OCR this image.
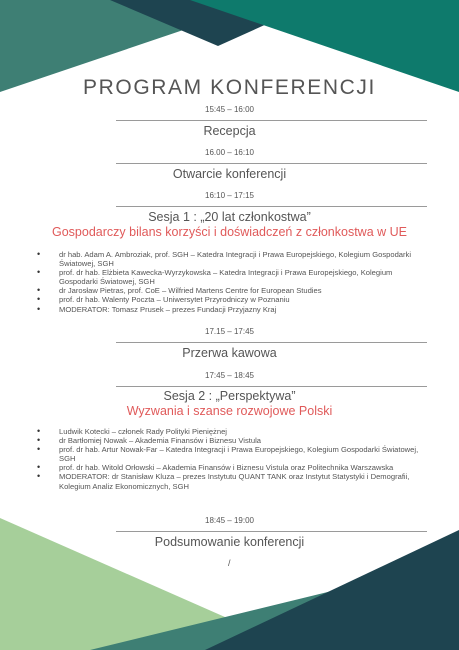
PROGRAM KONFERENCJI
15:45 – 16:00
Recepcja
16.00 – 16:10
Otwarcie konferencji
16:10 – 17:15
Sesja 1 : „20 lat członkostwa”
Gospodarczy bilans korzyści i doświadczeń z członkostwa w UE
• dr hab. Adam A. Ambroziak, prof. SGH – Katedra Integracji i Prawa Europejskiego, Kolegium Gospodarki Światowej, SGH
• prof. dr hab. Elżbieta Kawecka-Wyrzykowska – Katedra Integracji i Prawa Europejskiego, Kolegium Gospodarki Światowej, SGH
• dr Jarosław Pietras, prof. CoE – Wilfried Martens Centre for European Studies
• prof. dr hab. Walenty Poczta – Uniwersytet Przyrodniczy w Poznaniu
• MODERATOR: Tomasz Prusek – prezes Fundacji Przyjazny Kraj
17.15 – 17:45
Przerwa kawowa
17:45 – 18:45
Sesja 2 : „Perspektywa”
Wyzwania i szanse rozwojowe Polski
• Ludwik Kotecki – członek Rady Polityki Pieniężnej
• dr Bartłomiej Nowak – Akademia Finansów i Biznesu Vistula
• prof. dr hab. Artur Nowak-Far – Katedra Integracji i Prawa Europejskiego, Kolegium Gospodarki Światowej, SGH
• prof. dr hab. Witold Orłowski – Akademia Finansów i Biznesu Vistula oraz Politechnika Warszawska
• MODERATOR: dr Stanisław Kluza – prezes Instytutu QUANT TANK oraz Instytut Statystyki i Demografii, Kolegium Analiz Ekonomicznych, SGH
18:45 – 19:00
Podsumowanie konferencji
/
